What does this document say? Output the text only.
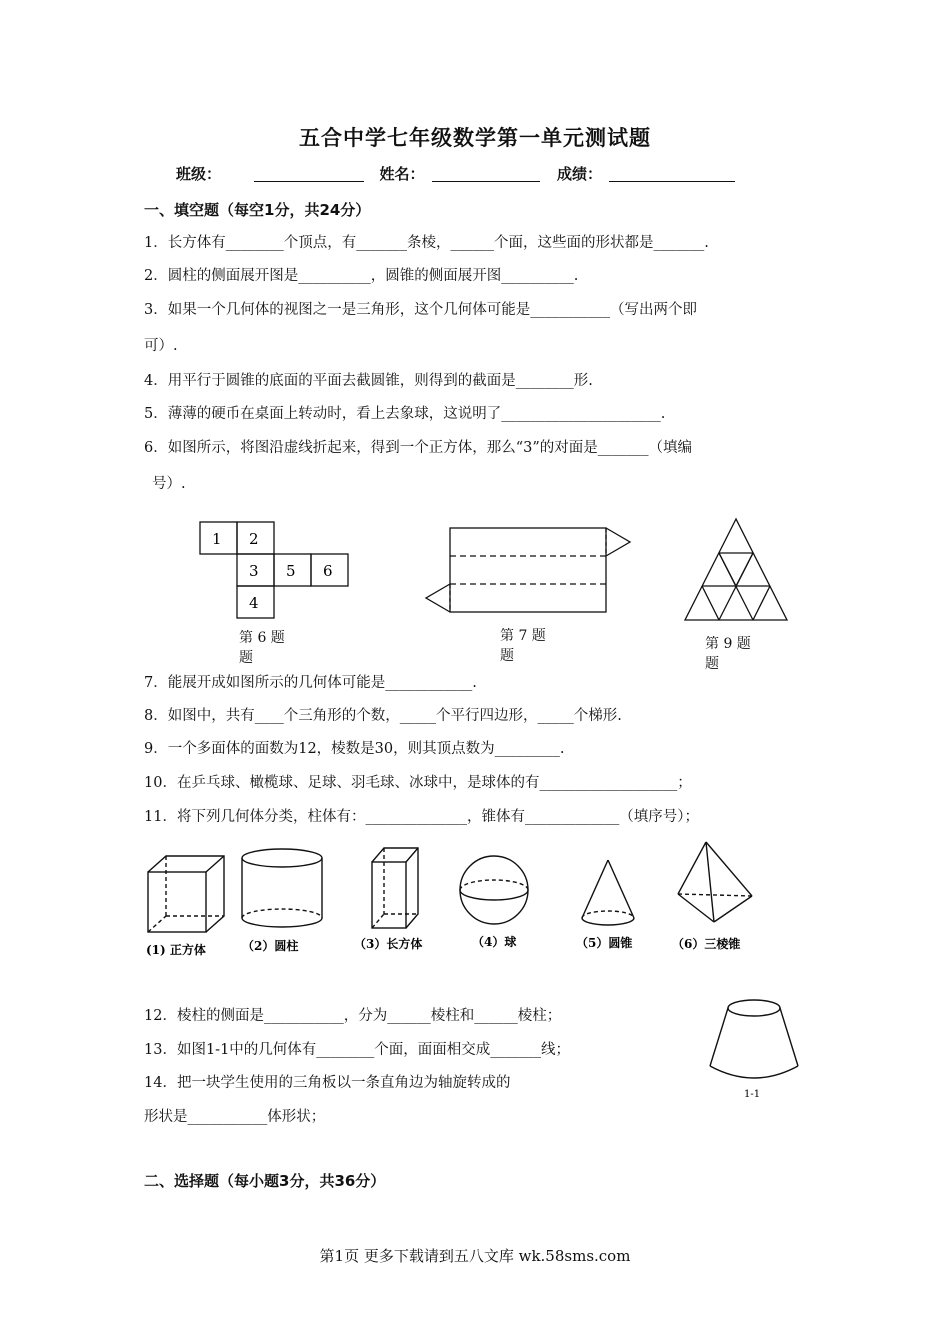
五合中学七年级数学第一单元测试题
班级：	姓名：	成绩：
一、填空题（每空1分，共24分）
1．长方体有________个顶点，有_______条棱，______个面，这些面的形状都是_______.
2．圆柱的侧面展开图是__________，圆锥的侧面展开图__________.
3．如果一个几何体的视图之一是三角形，这个几何体可能是___________（写出两个即
可）.
4．用平行于圆锥的底面的平面去截圆锥，则得到的截面是________形.
5．薄薄的硬币在桌面上转动时，看上去象球，这说明了______________________.
6．如图所示，将图沿虚线折起来，得到一个正方体，那么“3”的对面是_______（填编
号）.
1 2
3 5 6
4
第 6 题
题
第 7 题
题
第 9 题
题
7．能展开成如图所示的几何体可能是____________.
8．如图中，共有____个三角形的个数，_____个平行四边形，_____个梯形.
9．一个多面体的面数为12，棱数是30，则其顶点数为_________.
10．在乒乓球、橄榄球、足球、羽毛球、冰球中，是球体的有___________________；
11．将下列几何体分类，柱体有：______________，锥体有_____________（填序号）；
(1) 正方体	（2）圆柱	（3）长方体	（4）球	（5）圆锥	（6）三棱锥
12．棱柱的侧面是___________，分为______棱柱和______棱柱；
13．如图1-1中的几何体有________个面，面面相交成_______线；
14．把一块学生使用的三角板以一条直角边为轴旋转成的
形状是___________体形状；
1-1
二、选择题（每小题3分，共36分）
第1页 更多下载请到五八文库 wk.58sms.com
